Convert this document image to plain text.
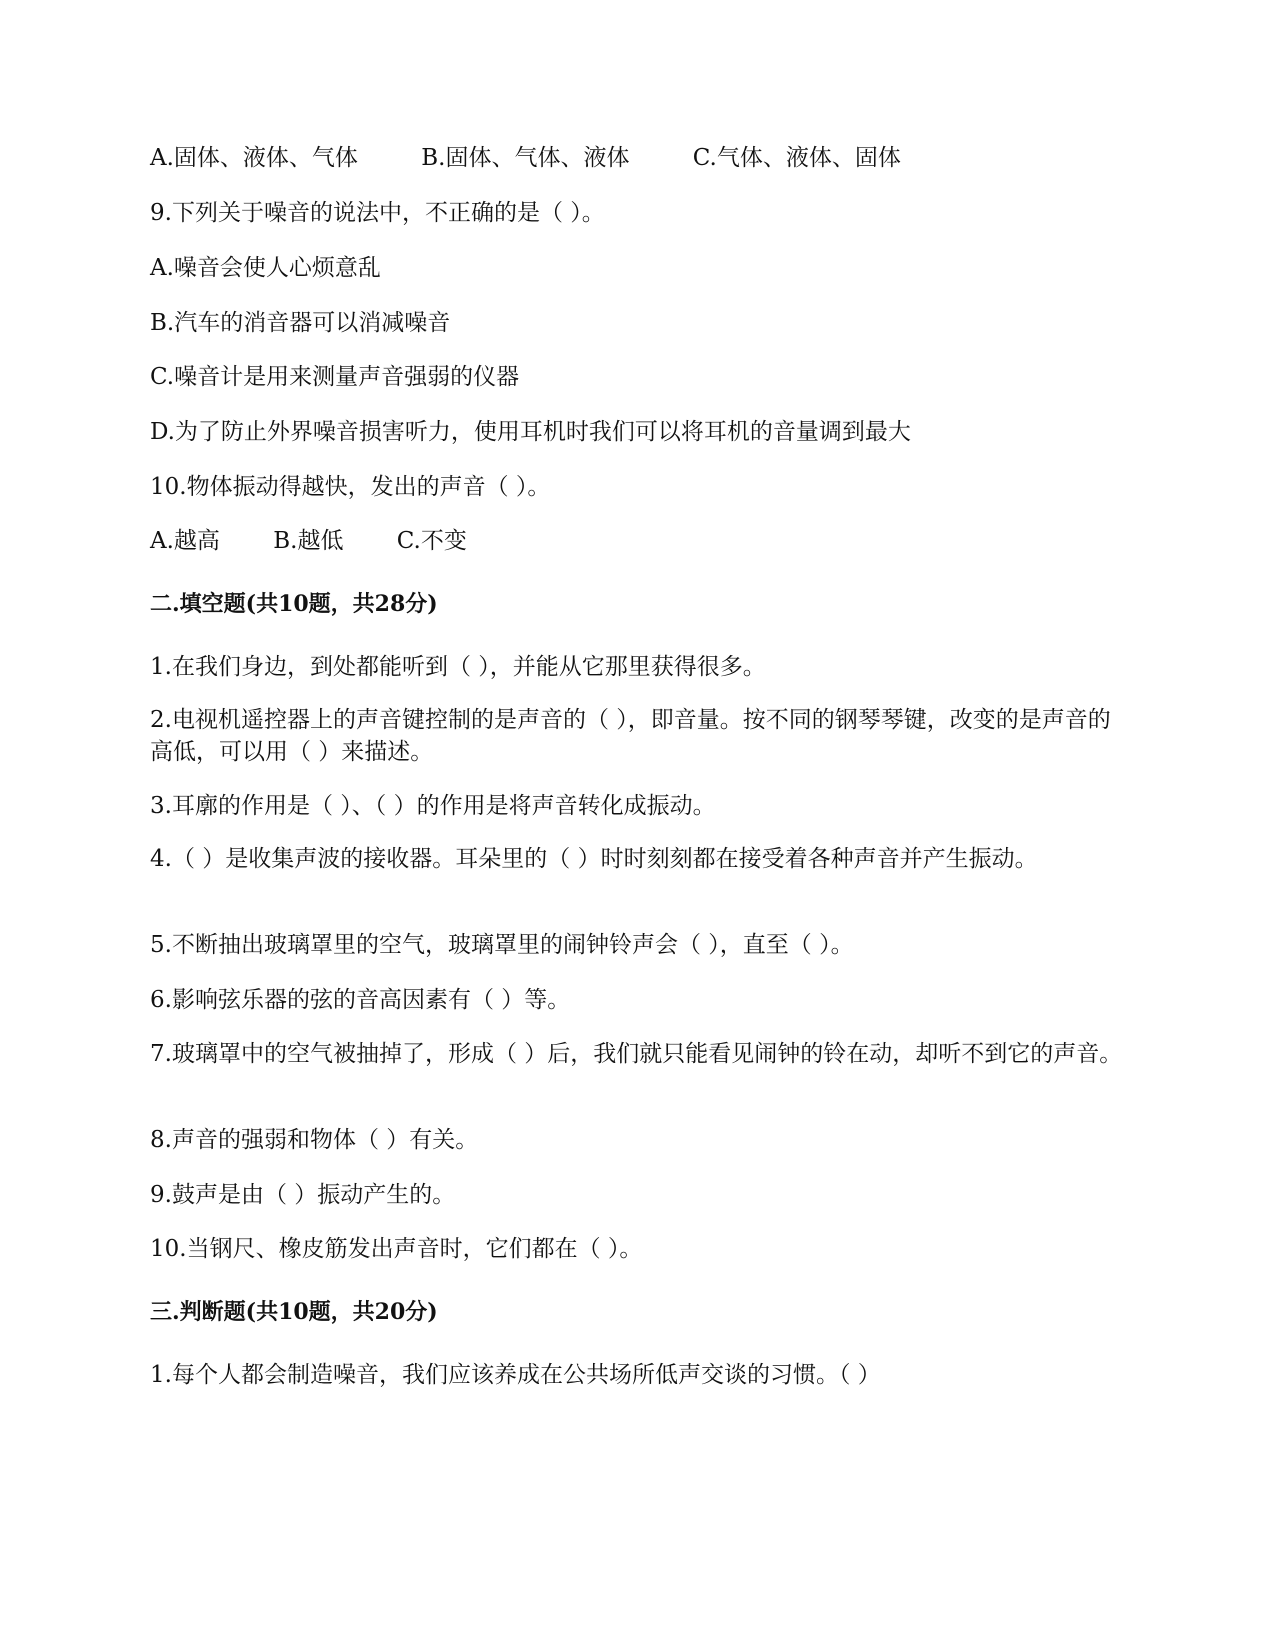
A.固体、液体、气体	B.固体、气体、液体	C.气体、液体、固体
9.下列关于噪音的说法中，不正确的是（ ）。
A.噪音会使人心烦意乱
B.汽车的消音器可以消减噪音
C.噪音计是用来测量声音强弱的仪器
D.为了防止外界噪音损害听力，使用耳机时我们可以将耳机的音量调到最大
10.物体振动得越快，发出的声音（ ）。
A.越高 B.越低 C.不变
二.填空题(共10题，共28分)
1.在我们身边，到处都能听到（ ），并能从它那里获得很多。
2.电视机遥控器上的声音键控制的是声音的（ ），即音量。按不同的钢琴琴键，改变的是声音的高低，可以用（ ）来描述。
3.耳廓的作用是（ ）、（ ）的作用是将声音转化成振动。
4.（ ）是收集声波的接收器。耳朵里的（ ）时时刻刻都在接受着各种声音并产生振动。
5.不断抽出玻璃罩里的空气，玻璃罩里的闹钟铃声会（ ），直至（ ）。
6.影响弦乐器的弦的音高因素有（ ）等。
7.玻璃罩中的空气被抽掉了，形成（ ）后，我们就只能看见闹钟的铃在动，却听不到它的声音。
8.声音的强弱和物体（ ）有关。
9.鼓声是由（ ）振动产生的。
10.当钢尺、橡皮筋发出声音时，它们都在（ ）。
三.判断题(共10题，共20分)
1.每个人都会制造噪音，我们应该养成在公共场所低声交谈的习惯。（ ）
